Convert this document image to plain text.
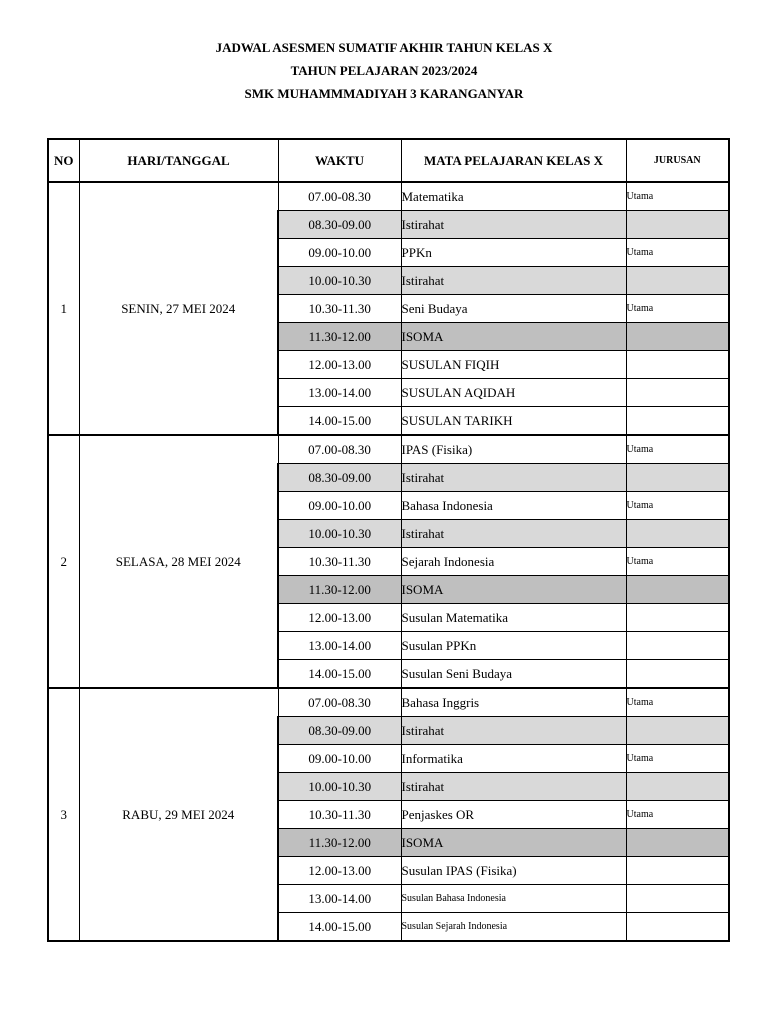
JADWAL ASESMEN SUMATIF AKHIR TAHUN KELAS X
TAHUN PELAJARAN 2023/2024
SMK MUHAMMMADIYAH 3 KARANGANYAR
NO	HARI/TANGGAL	WAKTU	MATA PELAJARAN KELAS X	JURUSAN
1	SENIN, 27 MEI 2024	07.00-08.30	Matematika	Utama
		08.30-09.00	Istirahat	
		09.00-10.00	PPKn	Utama
		10.00-10.30	Istirahat	
		10.30-11.30	Seni Budaya	Utama
		11.30-12.00	ISOMA	
		12.00-13.00	SUSULAN FIQIH	
		13.00-14.00	SUSULAN AQIDAH	
		14.00-15.00	SUSULAN TARIKH	
2	SELASA, 28 MEI 2024	07.00-08.30	IPAS (Fisika)	Utama
		08.30-09.00	Istirahat	
		09.00-10.00	Bahasa Indonesia	Utama
		10.00-10.30	Istirahat	
		10.30-11.30	Sejarah Indonesia	Utama
		11.30-12.00	ISOMA	
		12.00-13.00	Susulan Matematika	
		13.00-14.00	Susulan PPKn	
		14.00-15.00	Susulan Seni Budaya	
3	RABU, 29 MEI 2024	07.00-08.30	Bahasa Inggris	Utama
		08.30-09.00	Istirahat	
		09.00-10.00	Informatika	Utama
		10.00-10.30	Istirahat	
		10.30-11.30	Penjaskes OR	Utama
		11.30-12.00	ISOMA	
		12.00-13.00	Susulan IPAS (Fisika)	
		13.00-14.00	Susulan Bahasa Indonesia	
		14.00-15.00	Susulan Sejarah Indonesia	
